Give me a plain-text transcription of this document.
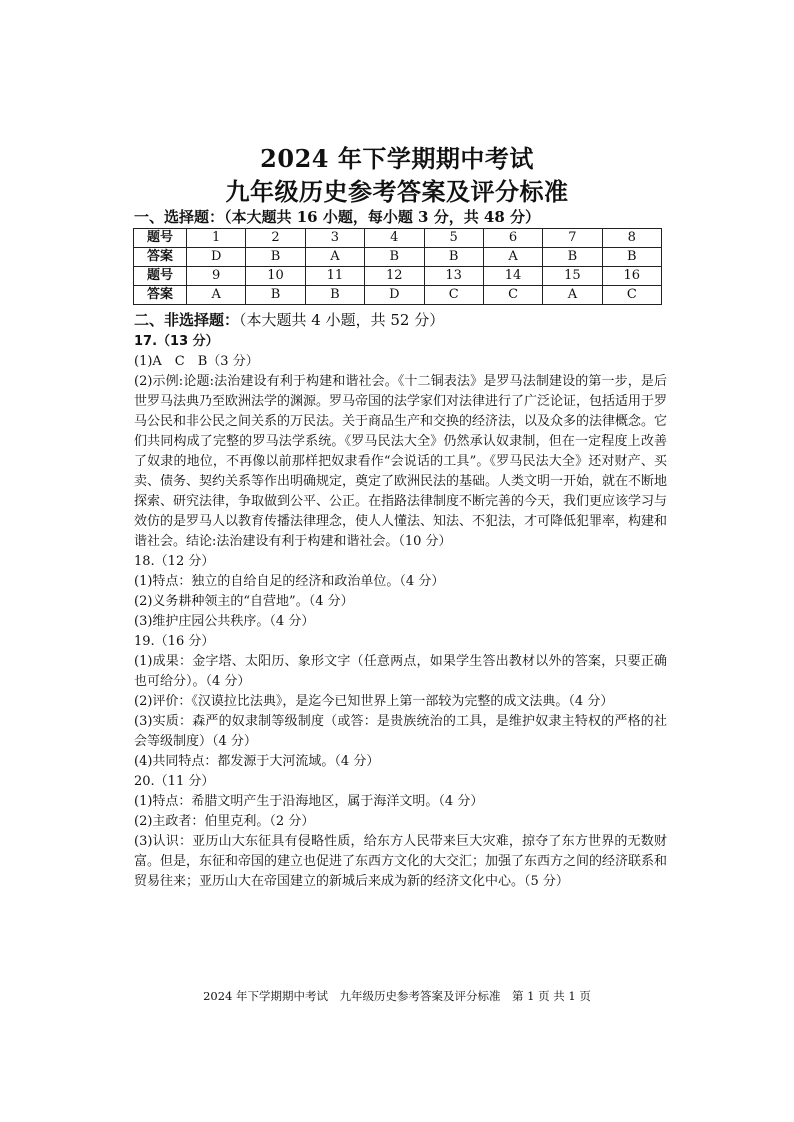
2024 年下学期期中考试
九年级历史参考答案及评分标准
一、选择题：（本大题共 16 小题，每小题 3 分，共 48 分）
题号	1	2	3	4	5	6	7	8
答案	D	B	A	B	B	A	B	B
题号	9	10	11	12	13	14	15	16
答案	A	B	B	D	C	C	A	C
二、非选择题：（本大题共 4 小题，共 52 分）

17.（13 分）

(1)A　C　B（3 分）

(2)示例:论题:法治建设有利于构建和谐社会。《十二铜表法》是罗马法制建设的第一步，是后世罗马法典乃至欧洲法学的渊源。罗马帝国的法学家们对法律进行了广泛论证，包括适用于罗马公民和非公民之间关系的万民法。关于商品生产和交换的经济法，以及众多的法律概念。它们共同构成了完整的罗马法学系统。《罗马民法大全》仍然承认奴隶制，但在一定程度上改善了奴隶的地位，不再像以前那样把奴隶看作“会说话的工具”。《罗马民法大全》还对财产、买卖、债务、契约关系等作出明确规定，奠定了欧洲民法的基础。人类文明一开始，就在不断地探索、研究法律，争取做到公平、公正。在指路法律制度不断完善的今天，我们更应该学习与效仿的是罗马人以教育传播法律理念，使人人懂法、知法、不犯法，才可降低犯罪率，构建和谐社会。结论:法治建设有利于构建和谐社会。（10 分）

18.（12 分）

(1)特点：独立的自给自足的经济和政治单位。（4 分）

(2)义务耕种领主的“自营地”。（4 分）

(3)维护庄园公共秩序。（4 分）

19.（16 分）

(1)成果：金字塔、太阳历、象形文字（任意两点，如果学生答出教材以外的答案，只要正确也可给分）。（4 分）

(2)评价：《汉谟拉比法典》，是迄今已知世界上第一部较为完整的成文法典。（4 分）

(3)实质：森严的奴隶制等级制度（或答：是贵族统治的工具，是维护奴隶主特权的严格的社会等级制度）（4 分）

(4)共同特点：都发源于大河流域。（4 分）

20.（11 分）

(1)特点：希腊文明产生于沿海地区，属于海洋文明。（4 分）

(2)主政者：伯里克利。（2 分）

(3)认识：亚历山大东征具有侵略性质，给东方人民带来巨大灾难，掠夺了东方世界的无数财富。但是，东征和帝国的建立也促进了东西方文化的大交汇；加强了东西方之间的经济联系和贸易往来；亚历山大在帝国建立的新城后来成为新的经济文化中心。（5 分）

2024 年下学期期中考试　九年级历史参考答案及评分标准　第 1 页 共 1 页
